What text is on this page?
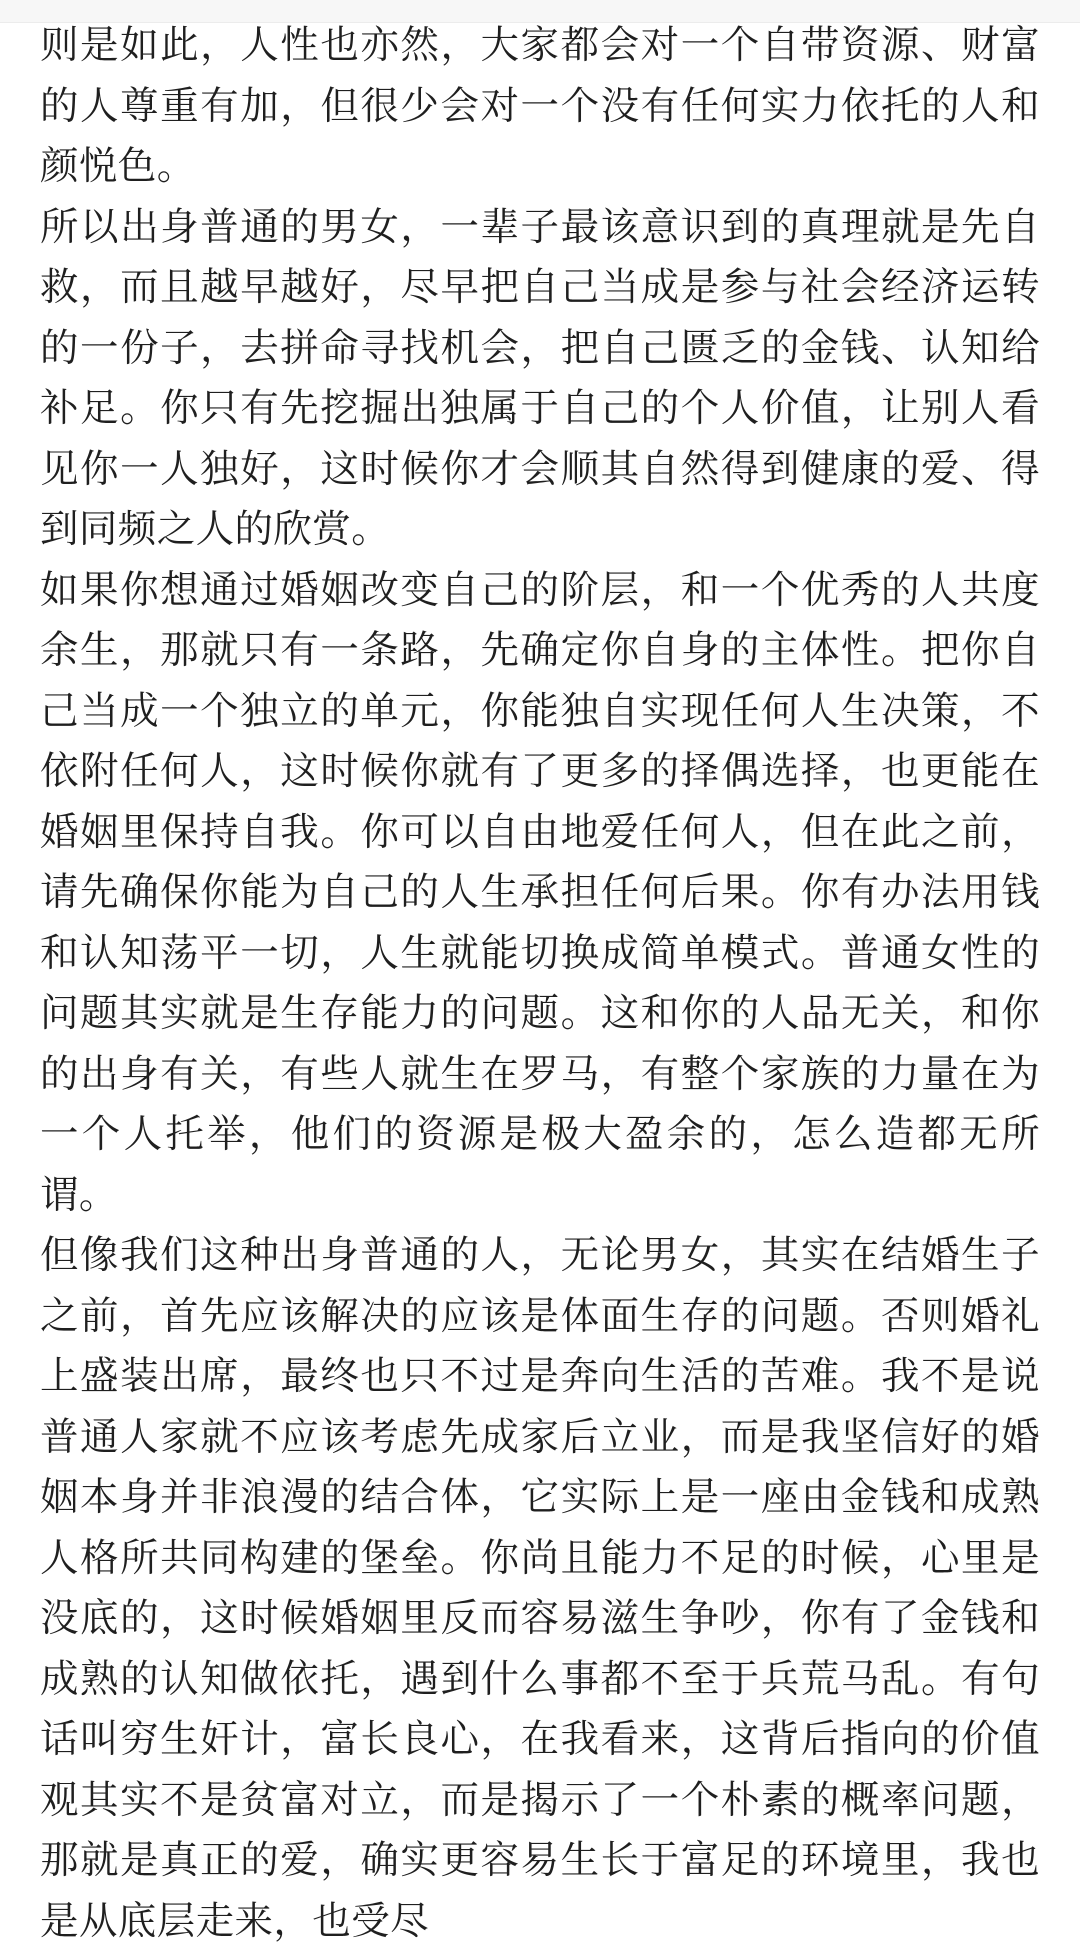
则是如此，人性也亦然，大家都会对一个自带资源、财富的人尊重有加，但很少会对一个没有任何实力依托的人和颜悦色。

所以出身普通的男女，一辈子最该意识到的真理就是先自救，而且越早越好，尽早把自己当成是参与社会经济运转的一份子，去拼命寻找机会，把自己匮乏的金钱、认知给补足。你只有先挖掘出独属于自己的个人价值，让别人看见你一人独好，这时候你才会顺其自然得到健康的爱、得到同频之人的欣赏。

如果你想通过婚姻改变自己的阶层，和一个优秀的人共度余生，那就只有一条路，先确定你自身的主体性。把你自己当成一个独立的单元，你能独自实现任何人生决策，不依附任何人，这时候你就有了更多的择偶选择，也更能在婚姻里保持自我。你可以自由地爱任何人，但在此之前，请先确保你能为自己的人生承担任何后果。你有办法用钱和认知荡平一切，人生就能切换成简单模式。普通女性的问题其实就是生存能力的问题。这和你的人品无关，和你的出身有关，有些人就生在罗马，有整个家族的力量在为一个人托举，他们的资源是极大盈余的，怎么造都无所谓。

但像我们这种出身普通的人，无论男女，其实在结婚生子之前，首先应该解决的应该是体面生存的问题。否则婚礼上盛装出席，最终也只不过是奔向生活的苦难。我不是说普通人家就不应该考虑先成家后立业，而是我坚信好的婚姻本身并非浪漫的结合体，它实际上是一座由金钱和成熟人格所共同构建的堡垒。你尚且能力不足的时候，心里是没底的，这时候婚姻里反而容易滋生争吵，你有了金钱和成熟的认知做依托，遇到什么事都不至于兵荒马乱。有句话叫穷生奸计，富长良心，在我看来，这背后指向的价值观其实不是贫富对立，而是揭示了一个朴素的概率问题，那就是真正的爱，确实更容易生长于富足的环境里，我也是从底层走来，也受尽
